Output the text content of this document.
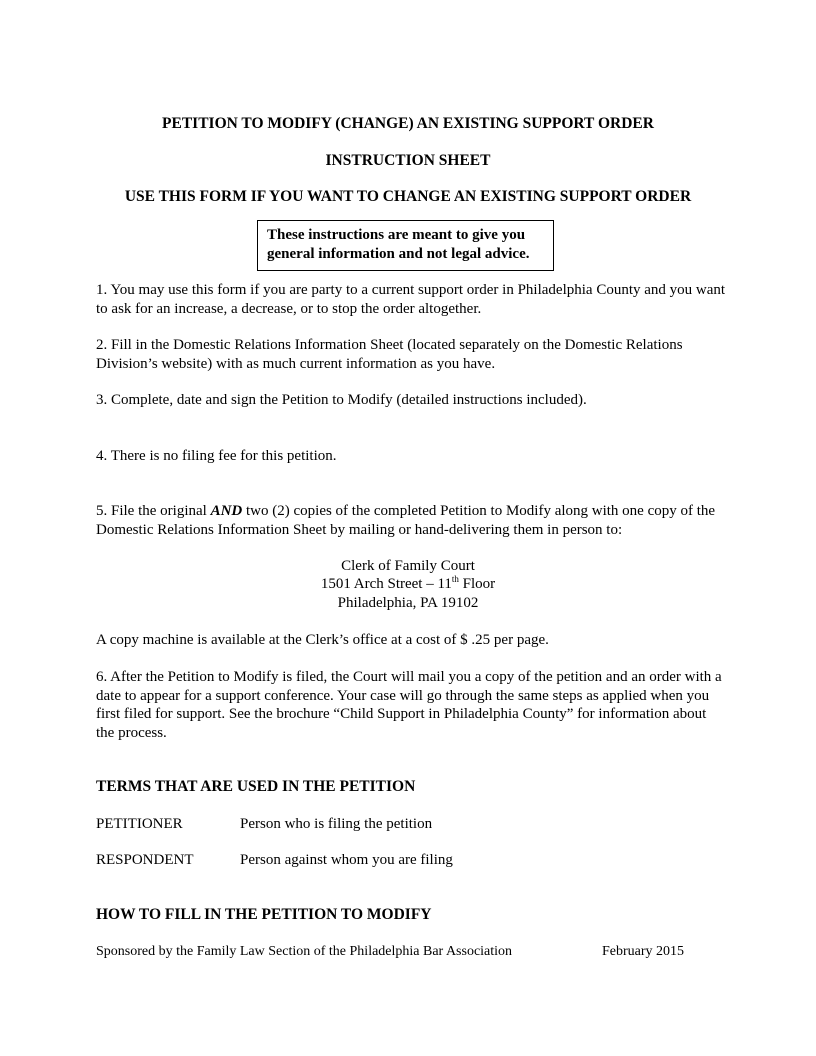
PETITION TO MODIFY (CHANGE) AN EXISTING SUPPORT ORDER
INSTRUCTION SHEET
USE THIS FORM IF YOU WANT TO CHANGE AN EXISTING SUPPORT ORDER
These instructions are meant to give you
general information and not legal advice.
1. You may use this form if you are party to a current support order in Philadelphia County and you want to ask for an increase, a decrease, or to stop the order altogether.
2. Fill in the Domestic Relations Information Sheet (located separately on the Domestic Relations Division’s website) with as much current information as you have.
3. Complete, date and sign the Petition to Modify (detailed instructions included).
4. There is no filing fee for this petition.
5. File the original AND two (2) copies of the completed Petition to Modify along with one copy of the Domestic Relations Information Sheet by mailing or hand-delivering them in person to:
Clerk of Family Court
1501 Arch Street – 11th Floor
Philadelphia, PA 19102
A copy machine is available at the Clerk’s office at a cost of $ .25 per page.
6. After the Petition to Modify is filed, the Court will mail you a copy of the petition and an order with a date to appear for a support conference. Your case will go through the same steps as applied when you first filed for support. See the brochure “Child Support in Philadelphia County” for information about the process.
TERMS THAT ARE USED IN THE PETITION
PETITIONER	Person who is filing the petition
RESPONDENT	Person against whom you are filing
HOW TO FILL IN THE PETITION TO MODIFY
Sponsored by the Family Law Section of the Philadelphia Bar Association	February 2015
